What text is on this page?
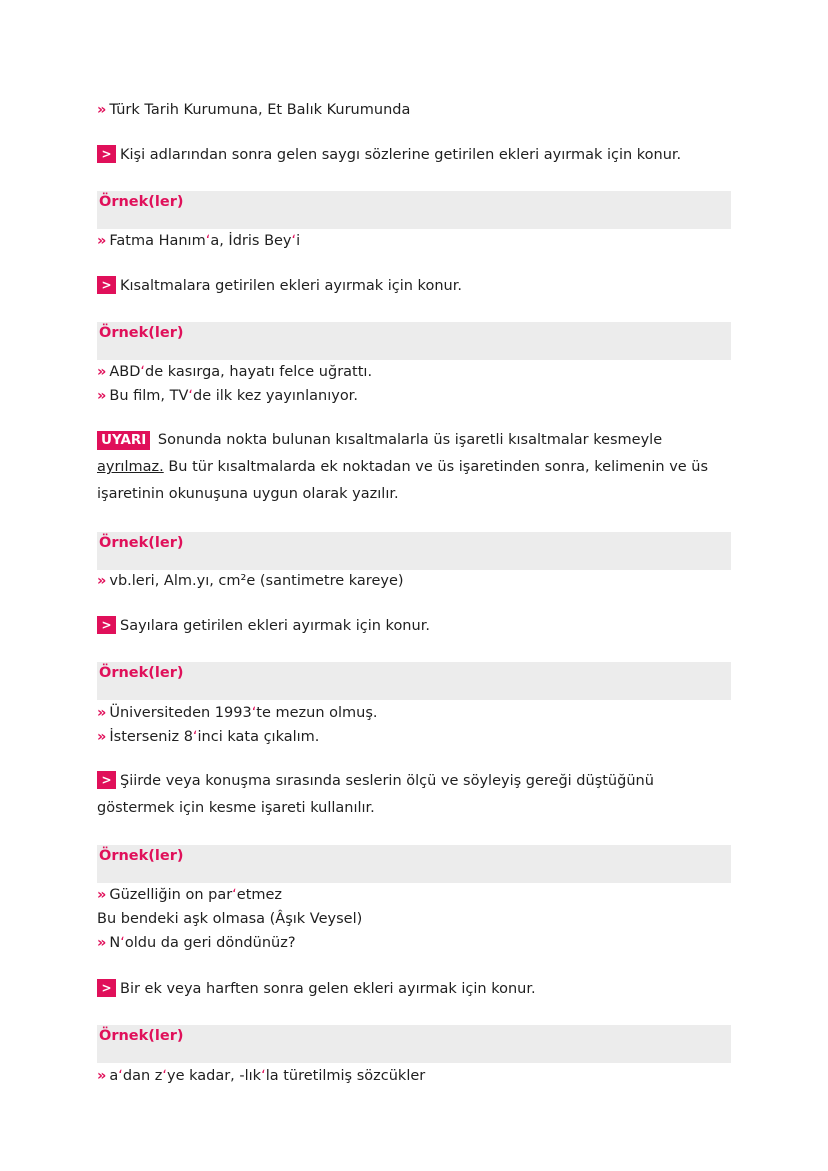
» Türk Tarih Kurumuna, Et Balık Kurumunda
> Kişi adlarından sonra gelen saygı sözlerine getirilen ekleri ayırmak için konur.
Örnek(ler)
» Fatma Hanımʻa, İdris Beyʻi
> Kısaltmalara getirilen ekleri ayırmak için konur.
Örnek(ler)
» ABDʻde kasırga, hayatı felce uğrattı.
» Bu film, TVʻde ilk kez yayınlanıyor.
UYARI Sonunda nokta bulunan kısaltmalarla üs işaretli kısaltmalar kesmeyle ayrılmaz. Bu tür kısaltmalarda ek noktadan ve üs işaretinden sonra, kelimenin ve üs işaretinin okunuşuna uygun olarak yazılır.
Örnek(ler)
» vb.leri, Alm.yı, cm²e (santimetre kareye)
> Sayılara getirilen ekleri ayırmak için konur.
Örnek(ler)
» Üniversiteden 1993ʻte mezun olmuş.
» İsterseniz 8ʻinci kata çıkalım.
> Şiirde veya konuşma sırasında seslerin ölçü ve söyleyiş gereği düştüğünü göstermek için kesme işareti kullanılır.
Örnek(ler)
» Güzelliğin on parʻetmez
Bu bendeki aşk olmasa (Âşık Veysel)
» Nʻoldu da geri döndünüz?
> Bir ek veya harften sonra gelen ekleri ayırmak için konur.
Örnek(ler)
» aʻdan zʻye kadar, -lıkʻla türetilmiş sözcükler
